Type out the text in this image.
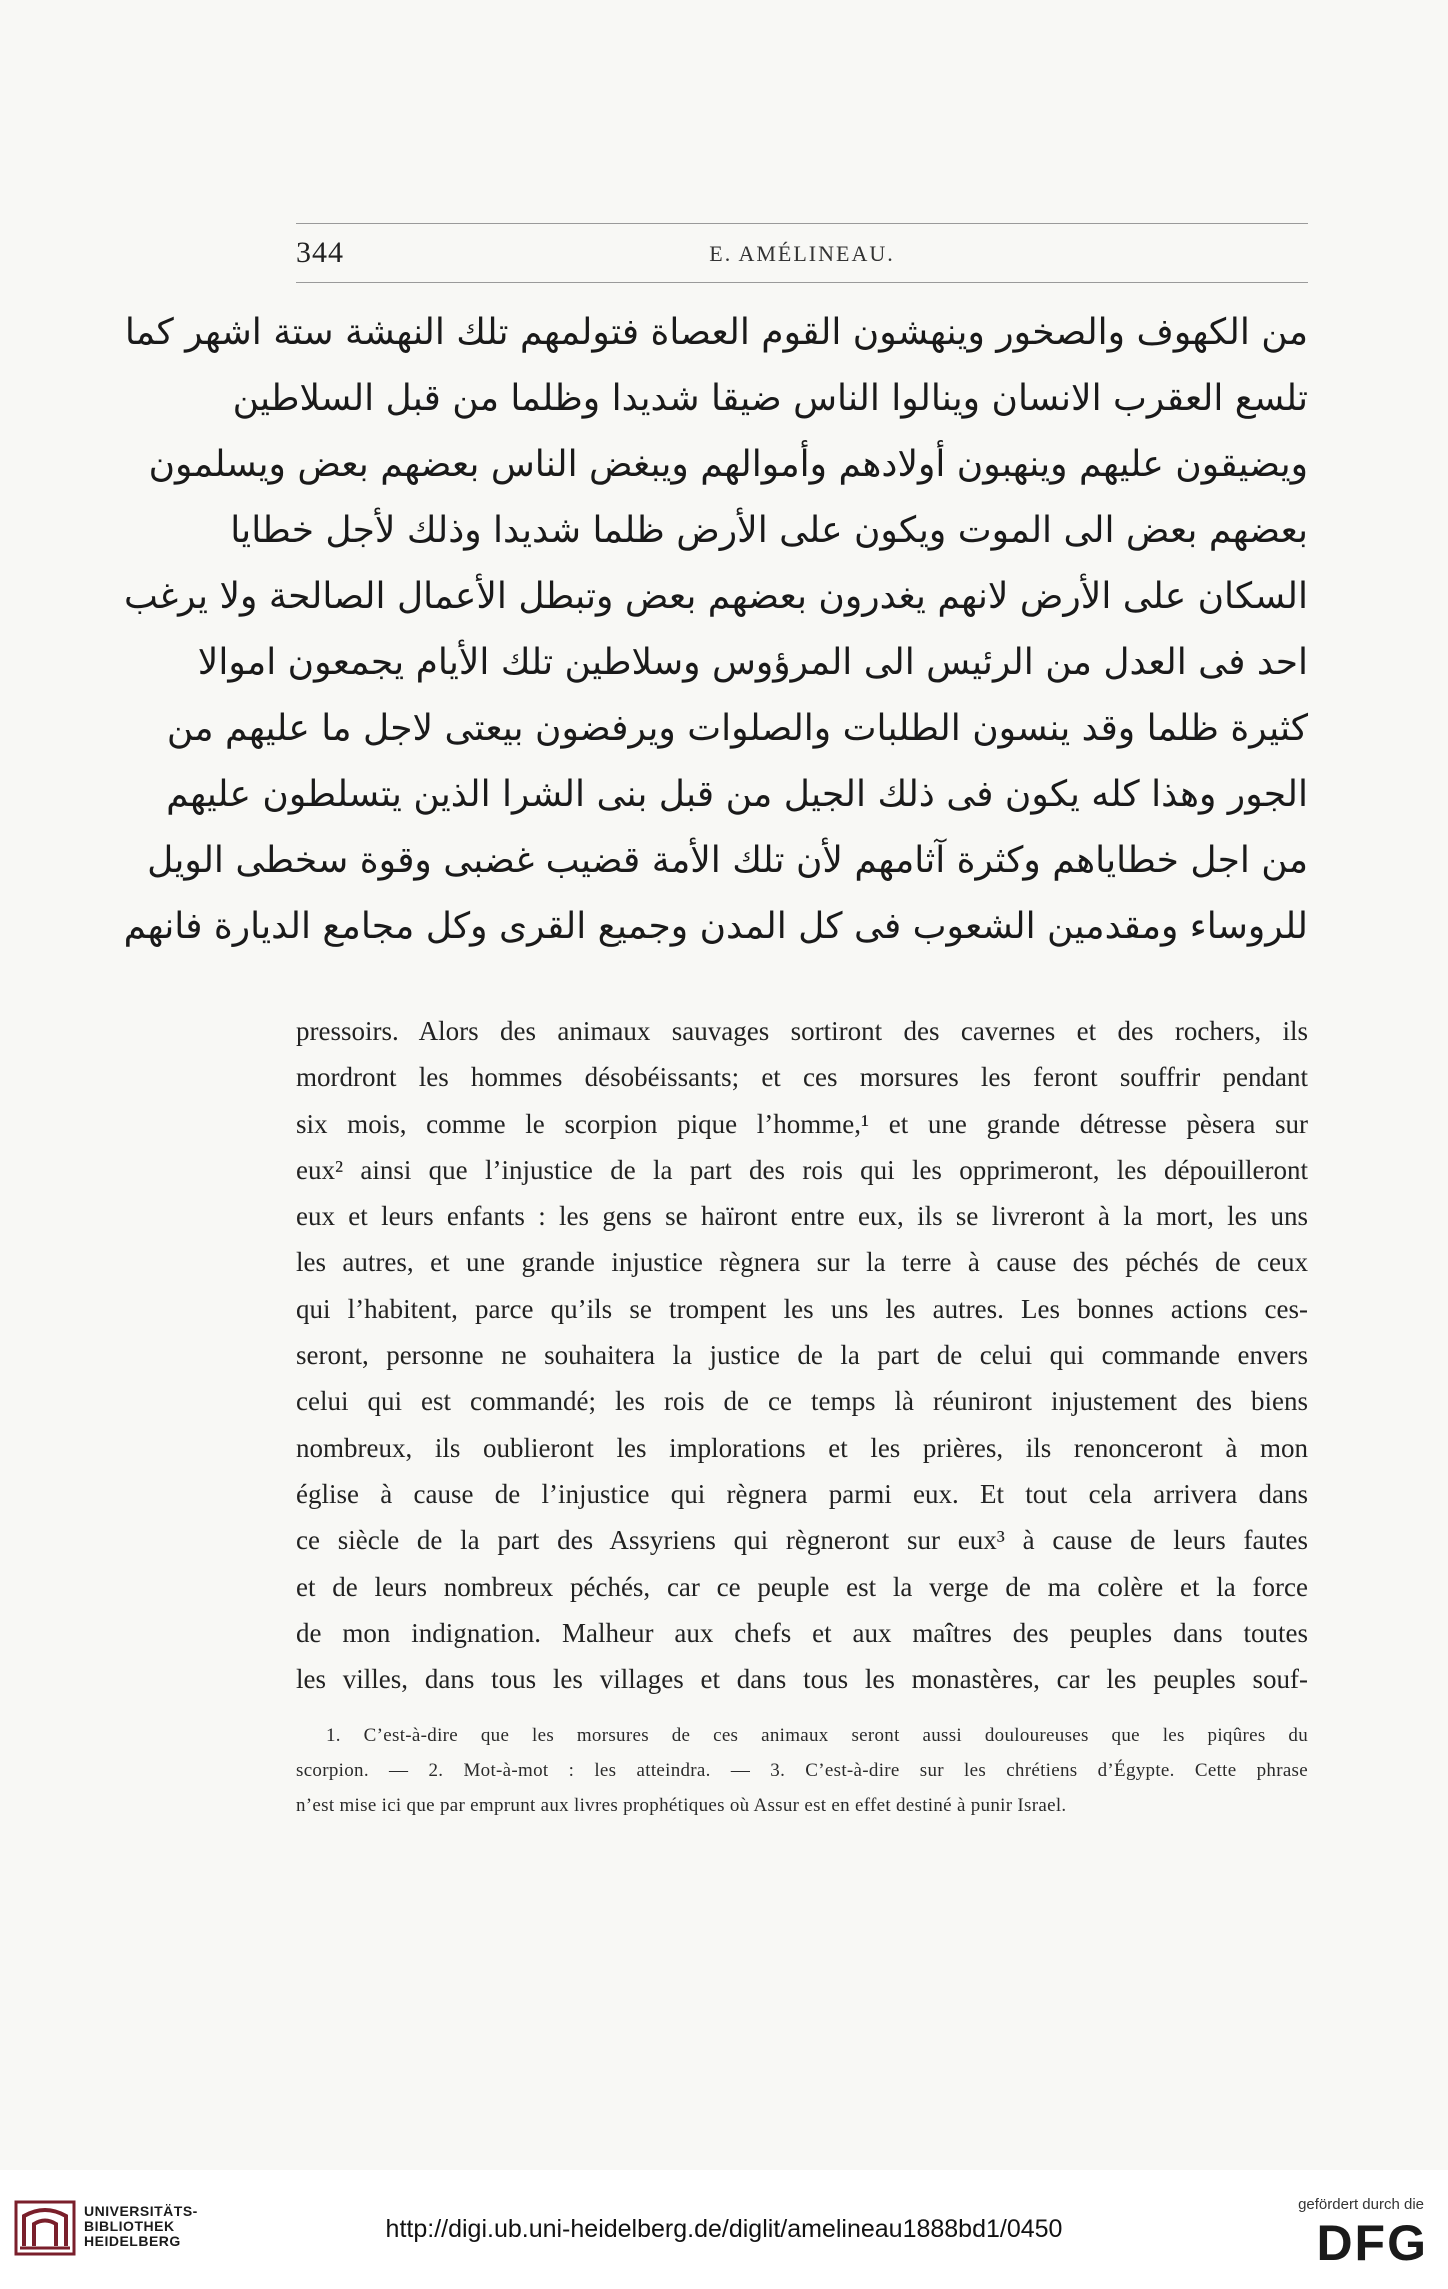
344	E. AMÉLINEAU.
من الكهوف والصخور وينهشون القوم العصاة فتولمهم تلك النهشة ستة اشهر كما
تلسع العقرب الانسان وينالوا الناس ضيقا شديدا وظلما من قبل السلاطين
ويضيقون عليهم وينهبون أولادهم وأموالهم ويبغض الناس بعضهم بعض ويسلمون
بعضهم بعض الى الموت ويكون على الأرض ظلما شديدا وذلك لأجل خطايا
السكان على الأرض لانهم يغدرون بعضهم بعض وتبطل الأعمال الصالحة ولا يرغب
احد فى العدل من الرئيس الى المرؤوس وسلاطين تلك الأيام يجمعون اموالا
كثيرة ظلما وقد ينسون الطلبات والصلوات ويرفضون بيعتى لاجل ما عليهم من
الجور وهذا كله يكون فى ذلك الجيل من قبل بنى الشرا الذين يتسلطون عليهم
من اجل خطاياهم وكثرة آثامهم لأن تلك الأمة قضيب غضبى وقوة سخطى الويل
للروساء ومقدمين الشعوب فى كل المدن وجميع القرى وكل مجامع الديارة فانهم
pressoirs. Alors des animaux sauvages sortiront des cavernes et des rochers, ils
mordront les hommes désobéissants; et ces morsures les feront souffrir pendant
six mois, comme le scorpion pique l’homme,¹ et une grande détresse pèsera sur
eux² ainsi que l’injustice de la part des rois qui les opprimeront, les dépouilleront
eux et leurs enfants : les gens se haïront entre eux, ils se livreront à la mort, les uns
les autres, et une grande injustice règnera sur la terre à cause des péchés de ceux
qui l’habitent, parce qu’ils se trompent les uns les autres. Les bonnes actions ces-
seront, personne ne souhaitera la justice de la part de celui qui commande envers
celui qui est commandé; les rois de ce temps là réuniront injustement des biens
nombreux, ils oublieront les implorations et les prières, ils renonceront à mon
église à cause de l’injustice qui règnera parmi eux. Et tout cela arrivera dans
ce siècle de la part des Assyriens qui règneront sur eux³ à cause de leurs fautes
et de leurs nombreux péchés, car ce peuple est la verge de ma colère et la force
de mon indignation. Malheur aux chefs et aux maîtres des peuples dans toutes
les villes, dans tous les villages et dans tous les monastères, car les peuples souf-
1. C’est-à-dire que les morsures de ces animaux seront aussi douloureuses que les piqûres du
scorpion. — 2. Mot-à-mot : les atteindra. — 3. C’est-à-dire sur les chrétiens d’Égypte. Cette phrase
n’est mise ici que par emprunt aux livres prophétiques où Assur est en effet destiné à punir Israel.
UNIVERSITÄTS-
BIBLIOTHEK
HEIDELBERG	http://digi.ub.uni-heidelberg.de/diglit/amelineau1888bd1/0450
gefördert durch die
DFG
